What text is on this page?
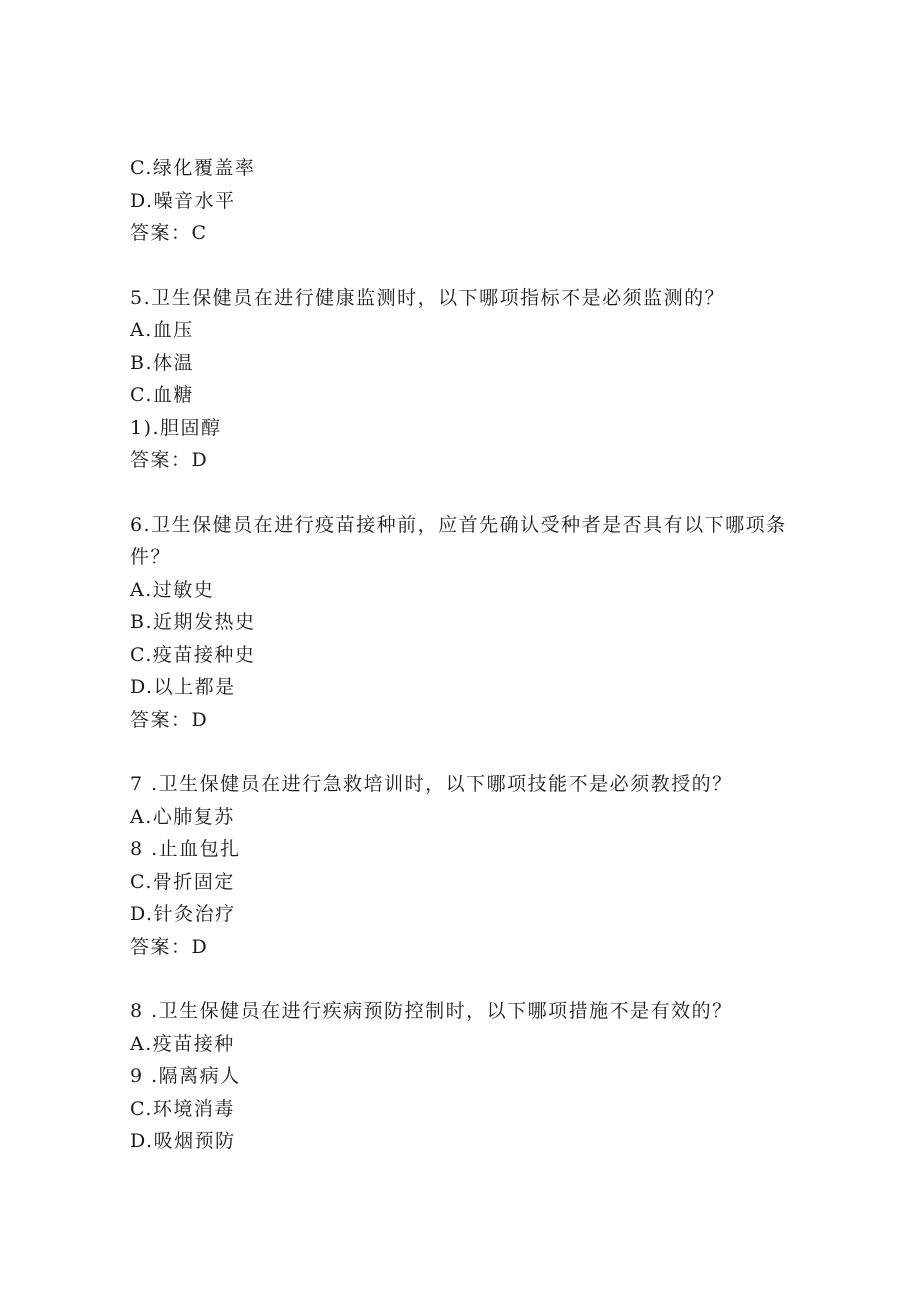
C.绿化覆盖率
D.噪音水平
答案：C
5.卫生保健员在进行健康监测时，以下哪项指标不是必须监测的？
A.血压
B.体温
C.血糖
1).胆固醇
答案：D
6.卫生保健员在进行疫苗接种前，应首先确认受种者是否具有以下哪项条件？
A.过敏史
B.近期发热史
C.疫苗接种史
D.以上都是
答案：D
7 .卫生保健员在进行急救培训时，以下哪项技能不是必须教授的？
A.心肺复苏
8 .止血包扎
C.骨折固定
D.针灸治疗
答案：D
8 .卫生保健员在进行疾病预防控制时，以下哪项措施不是有效的？
A.疫苗接种
9 .隔离病人
C.环境消毒
D.吸烟预防
